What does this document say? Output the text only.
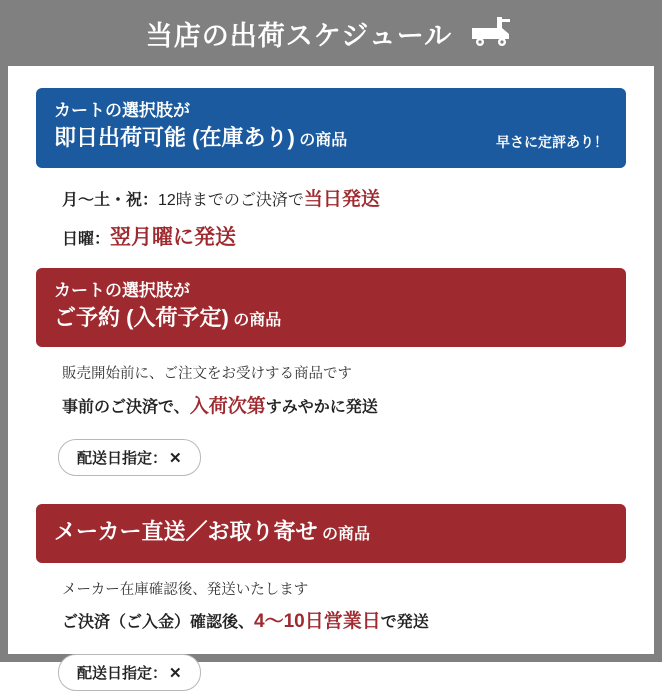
当店の出荷スケジュール
カートの選択肢が
即日出荷可能 (在庫あり) の商品	早さに定評あり！
月〜土・祝：12時までのご決済で当日発送
日曜：翌月曜に発送
カートの選択肢が
ご予約 (入荷予定) の商品
販売開始前に、ご注文をお受けする商品です
事前のご決済で、入荷次第すみやかに発送
配送日指定： ✕
メーカー直送／お取り寄せ の商品
メーカー在庫確認後、発送いたします
ご決済（ご入金）確認後、4〜10日営業日で発送
配送日指定： ✕
